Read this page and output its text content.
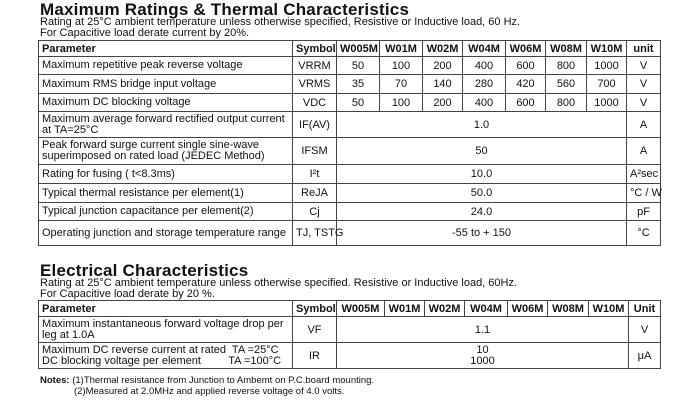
Maximum Ratings & Thermal Characteristics
Rating at 25°C ambient temperature unless otherwise specified, Resistive or Inductive load, 60 Hz.
For Capacitive load derate current by 20%.
Parameter	Symbol	W005M	W01M	W02M	W04M	W06M	W08M	W10M	unit
Maximum repetitive peak reverse voltage	VRRM	50	100	200	400	600	800	1000	V
Maximum RMS bridge input voltage	VRMS	35	70	140	280	420	560	700	V
Maximum DC blocking voltage	VDC	50	100	200	400	600	800	1000	V
Maximum average forward rectified output current at TA=25°C	IF(AV)	1.0							A
Peak forward surge current single sine-wave superimposed on rated load (JEDEC Method)	IFSM	50							A
Rating for fusing ( t<8.3ms)	I²t	10.0							A²sec
Typical thermal resistance per element(1)	ReJA	50.0							°C / W
Typical junction capacitance per element(2)	Cj	24.0							pF
Operating junction and storage temperature range	TJ, TSTG	-55 to + 150							°C
Electrical Characteristics
Rating at 25°C ambient temperature unless otherwise specified. Resistive or Inductive load, 60Hz.
For Capacitive load derate by 20 %.
Parameter	Symbol	W005M	W01M	W02M	W04M	W06M	W08M	W10M	Unit
Maximum instantaneous forward voltage drop per leg at 1.0A	VF	1.1							V
Maximum DC reverse current at rated  TA =25°C
DC blocking voltage per element         TA =100°C	IR	10
1000							μA
Notes: (1)Thermal resistance from Junction to Ambemt on P.C.board mounting.
(2)Measured at 2.0MHz and applied reverse voltage of 4.0 volts.
